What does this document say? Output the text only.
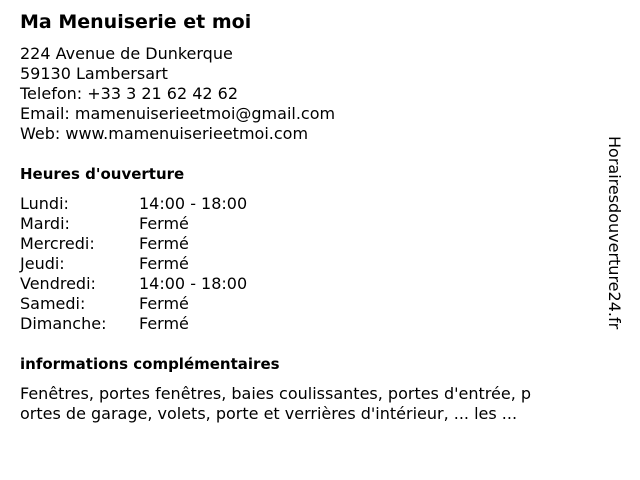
Ma Menuiserie et moi
224 Avenue de Dunkerque
59130 Lambersart
Telefon: +33 3 21 62 42 62
Email: mamenuiserieetmoi@gmail.com
Web: www.mamenuiserieetmoi.com
Heures d'ouverture
Lundi:	14:00 - 18:00
Mardi:	Fermé
Mercredi:	Fermé
Jeudi:	Fermé
Vendredi:	14:00 - 18:00
Samedi:	Fermé
Dimanche: Fermé
informations complémentaires
Fenêtres, portes fenêtres, baies coulissantes, portes d'entrée, p
ortes de garage, volets, porte et verrières d'intérieur, ... les ...
Horairesdouverture24.fr
